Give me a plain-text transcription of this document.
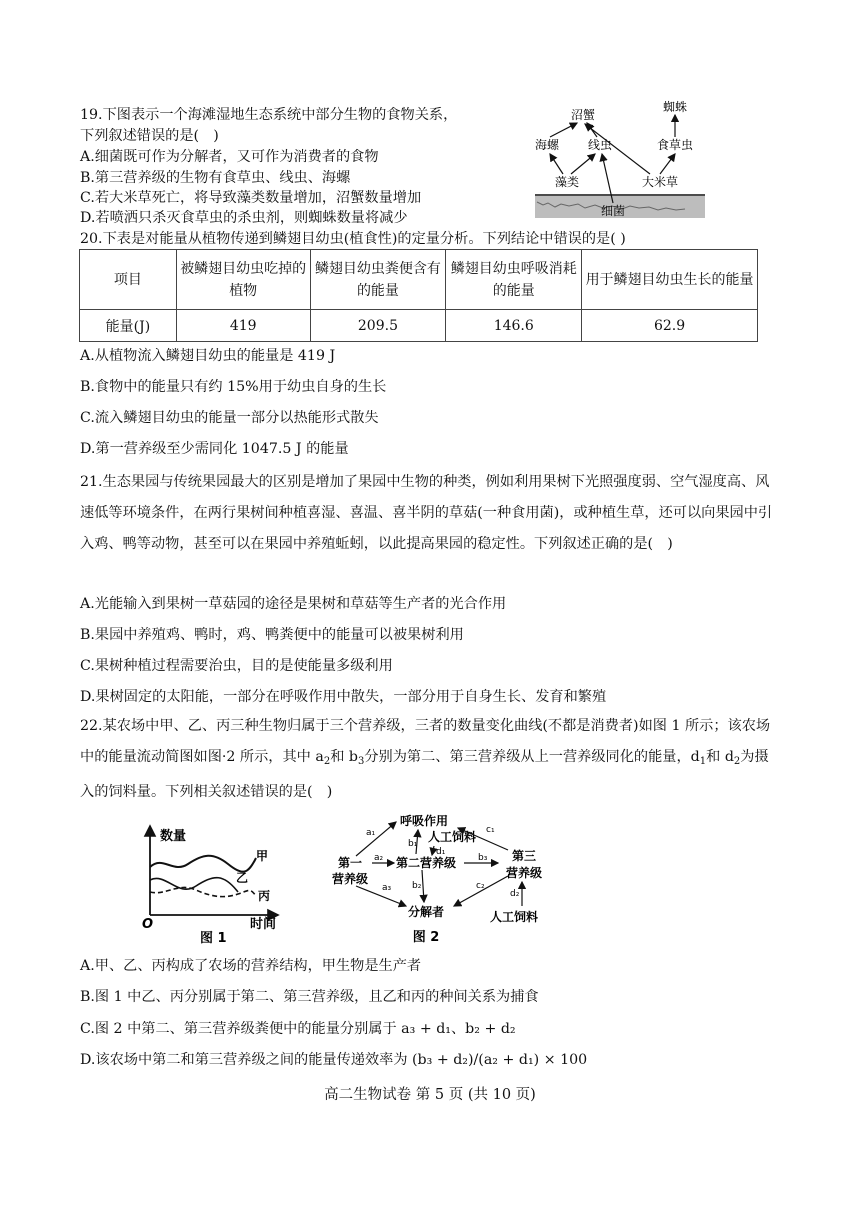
19.下图表示一个海滩湿地生态系统中部分生物的食物关系，
下列叙述错误的是(　)
A.细菌既可作为分解者，又可作为消费者的食物
B.第三营养级的生物有食草虫、线虫、海螺
C.若大米草死亡，将导致藻类数量增加，沼蟹数量增加
D.若喷洒只杀灭食草虫的杀虫剂，则蜘蛛数量将减少
沼蟹
蜘蛛
海螺 线虫	食草虫
藻类	大米草
细菌
20.下表是对能量从植物传递到鳞翅目幼虫(植食性)的定量分析。下列结论中错误的是( )
项目	被鳞翅目幼虫吃掉的植物	鳞翅目幼虫粪便含有的能量	鳞翅目幼虫呼吸消耗的能量	用于鳞翅目幼虫生长的能量
能量(J)	419	209.5	146.6	62.9
A.从植物流入鳞翅目幼虫的能量是 419 J
B.食物中的能量只有约 15%用于幼虫自身的生长
C.流入鳞翅目幼虫的能量一部分以热能形式散失
D.第一营养级至少需同化 1047.5 J 的能量
21.生态果园与传统果园最大的区别是增加了果园中生物的种类，例如利用果树下光照强度弱、空气湿度高、风速低等环境条件，在两行果树间种植喜湿、喜温、喜半阴的草菇(一种食用菌)，或种植生草，还可以向果园中引入鸡、鸭等动物，甚至可以在果园中养殖蚯蚓，以此提高果园的稳定性。下列叙述正确的是(　)
A.光能输入到果树一草菇园的途径是果树和草菇等生产者的光合作用
B.果园中养殖鸡、鸭时，鸡、鸭粪便中的能量可以被果树利用
C.果树种植过程需要治虫，目的是使能量多级利用
D.果树固定的太阳能，一部分在呼吸作用中散失，一部分用于自身生长、发育和繁殖
22.某农场中甲、乙、丙三种生物归属于三个营养级，三者的数量变化曲线(不都是消费者)如图 1 所示；该农场中的能量流动简图如图·2 所示，其中 $a_2$和 $b_3$分别为第二、第三营养级从上一营养级同化的能量，$d_1$和 $d_2$为摄入的饲料量。下列相关叙述错误的是(　)
数量
时间
O
甲
乙
丙
图 1
呼吸作用
人工饲料
第一
营养级
第二营养级	第三
营养级
分解者	人工饲料
a₁
a₂
a₃
b₁
b₂
b₃
c₁
c₂
d₁
d₂
图 2
A.甲、乙、丙构成了农场的营养结构，甲生物是生产者
B.图 1 中乙、丙分别属于第二、第三营养级，且乙和丙的种间关系为捕食
C.图 2 中第二、第三营养级粪便中的能量分别属于 a₃ + d₁、b₂ + d₂
D.该农场中第二和第三营养级之间的能量传递效率为 (b₃ + d₂)/(a₂ + d₁) × 100
高二生物试卷 第 5 页 (共 10 页)
